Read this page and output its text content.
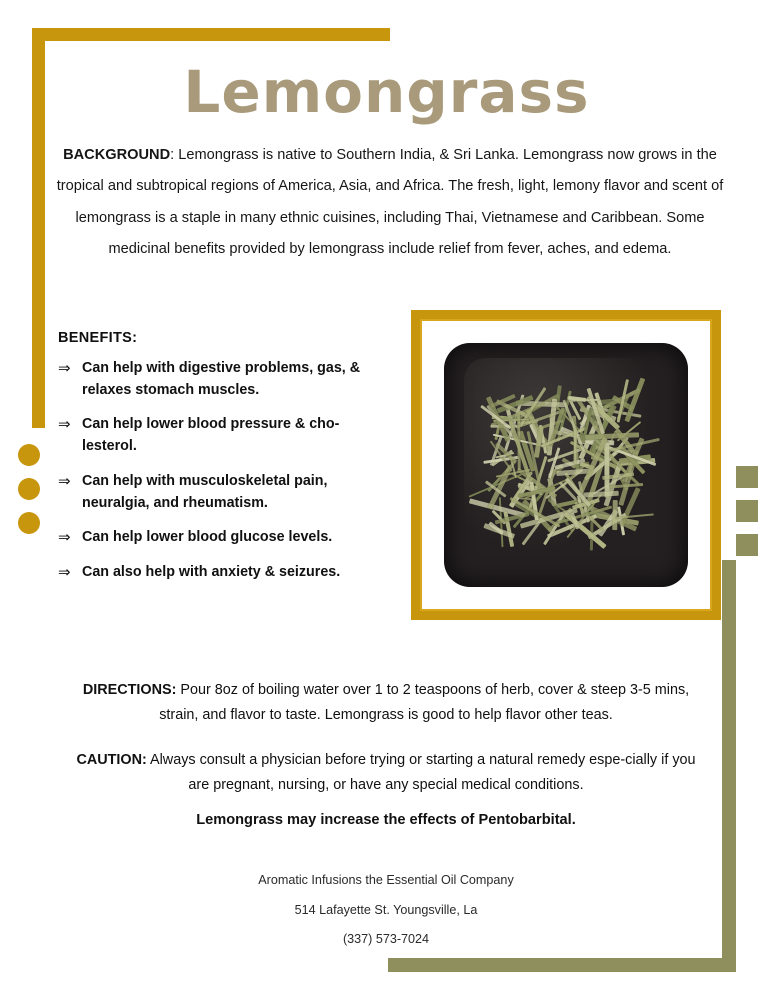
Lemongrass
BACKGROUND: Lemongrass is native to Southern India, & Sri Lanka. Lemongrass now grows in the tropical and subtropical regions of America, Asia, and Africa. The fresh, light, lemony flavor and scent of lemongrass is a staple in many ethnic cuisines, including Thai, Vietnamese and Caribbean. Some medicinal benefits provided by lemongrass include relief from fever, aches, and edema.
BENEFITS:
⇒ Can help with digestive problems, gas, & relaxes stomach muscles.
⇒ Can help lower blood pressure & cho-lesterol.
⇒ Can help with musculoskeletal pain, neuralgia, and rheumatism.
⇒ Can help lower blood glucose levels.
⇒ Can also help with anxiety & seizures.
DIRECTIONS: Pour 8oz of boiling water over 1 to 2 teaspoons of herb, cover & steep 3-5 mins, strain, and flavor to taste. Lemongrass is good to help flavor other teas.
CAUTION: Always consult a physician before trying or starting a natural remedy espe-cially if you are pregnant, nursing, or have any special medical conditions.
Lemongrass may increase the effects of Pentobarbital.
Aromatic Infusions the Essential Oil Company
514 Lafayette St. Youngsville, La
(337) 573-7024
